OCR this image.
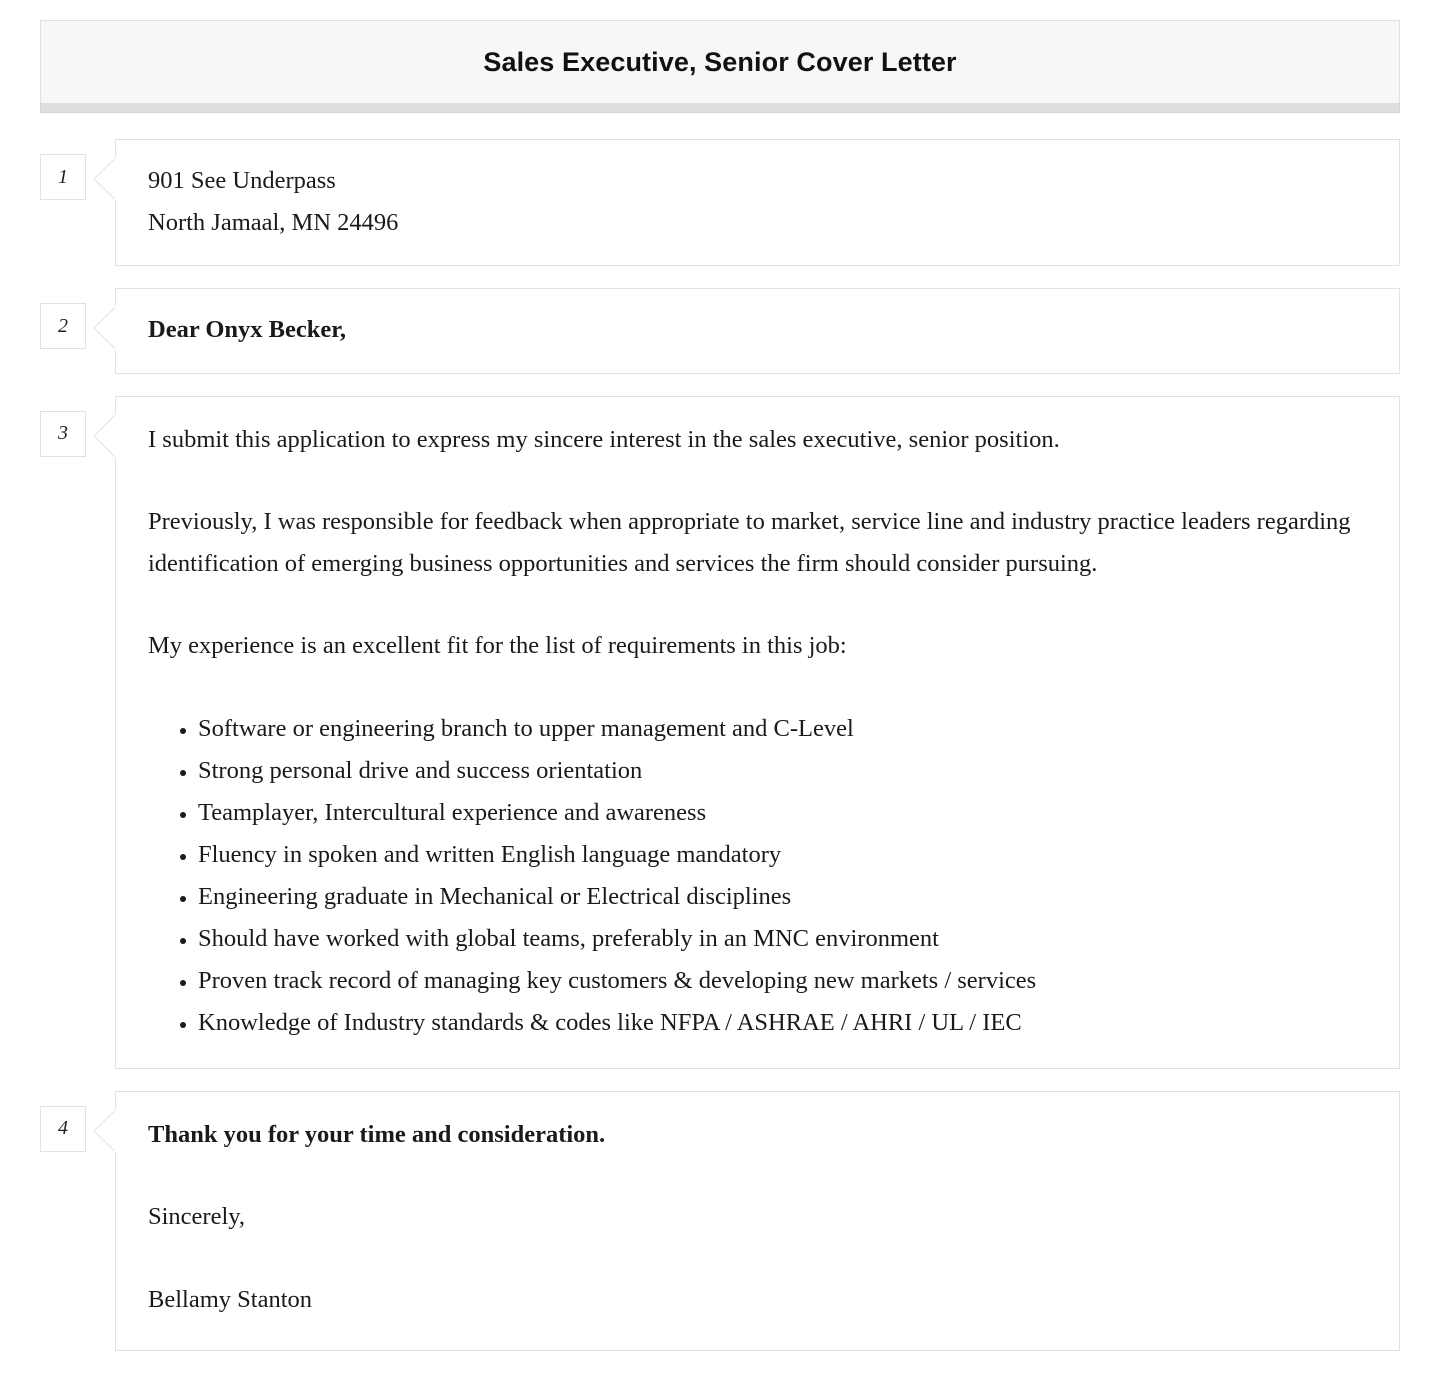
Sales Executive, Senior Cover Letter
1	901 See Underpass

North Jamaal, MN 24496

2	Dear Onyx Becker,

3	I submit this application to express my sincere interest in the sales executive, senior position.

Previously, I was responsible for feedback when appropriate to market, service line and industry practice leaders regarding identification of emerging business opportunities and services the firm should consider pursuing.

My experience is an excellent fit for the list of requirements in this job:

• Software or engineering branch to upper management and C-Level
• Strong personal drive and success orientation
• Teamplayer, Intercultural experience and awareness
• Fluency in spoken and written English language mandatory
• Engineering graduate in Mechanical or Electrical disciplines
• Should have worked with global teams, preferably in an MNC environment
• Proven track record of managing key customers & developing new markets / services
• Knowledge of Industry standards & codes like NFPA / ASHRAE / AHRI / UL / IEC
4	Thank you for your time and consideration.

Sincerely,

Bellamy Stanton
